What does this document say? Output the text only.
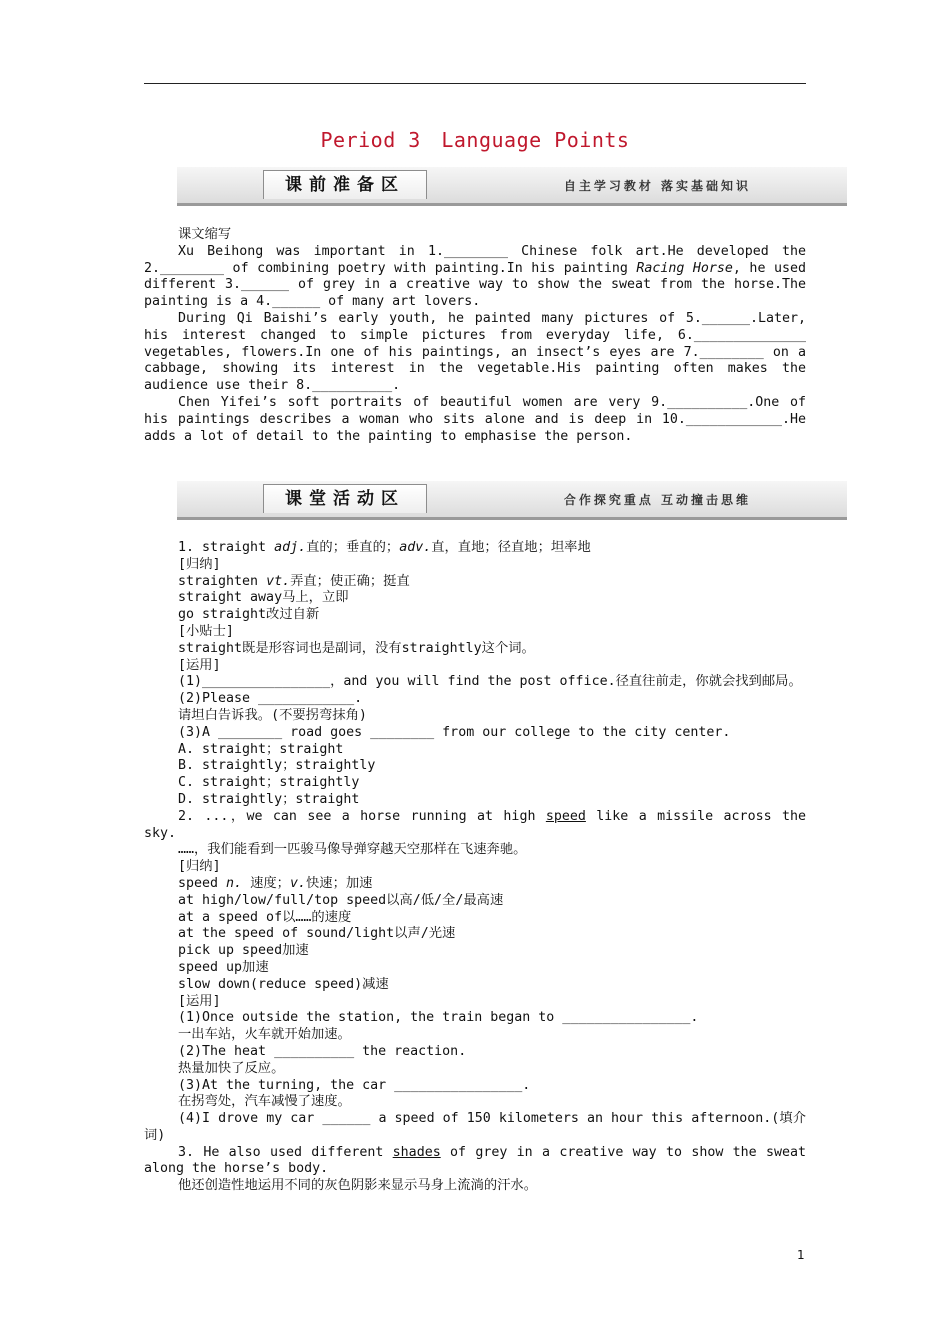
Period 3　Language Points
课前准备区	自主学习教材 落实基础知识

课文缩写

Xu Beihong was important in 1.________ Chinese folk art.He developed the 2.________ of combining poetry with painting.In his painting Racing Horse, he used different 3.______ of grey in a creative way to show the sweat from the horse.The painting is a 4.______ of many art lovers.

During Qi Baishi’s early youth, he painted many pictures of 5.______.Later, his interest changed to simple pictures from everyday life, 6.______________ vegetables, flowers.In one of his paintings, an insect’s eyes are 7.________ on a cabbage, showing its interest in the vegetable.His painting often makes the audience use their 8.__________.

Chen Yifei’s soft portraits of beautiful women are very 9.__________.One of his paintings describes a woman who sits alone and is deep in 10.____________.He adds a lot of detail to the painting to emphasise the person.

课堂活动区	合作探究重点 互动撞击思维

1. straight adj.直的；垂直的；adv.直，直地；径直地；坦率地

[归纳]

straighten vt.弄直；使正确；挺直

straight away马上，立即

go straight改过自新

[小贴士]

straight既是形容词也是副词，没有straightly这个词。

[运用]

(1)________________，and you will find the post office.径直往前走，你就会找到邮局。

(2)Please ____________.

请坦白告诉我。(不要拐弯抹角)

(3)A ________ road goes ________ from our college to the city center.

A. straight；straight

B. straightly；straightly

C. straight；straightly

D. straightly；straight

2. ...，we can see a horse running at high speed like a missile across the sky.

……，我们能看到一匹骏马像导弹穿越天空那样在飞速奔驰。

[归纳]

speed n. 速度；v.快速；加速

at high/low/full/top speed以高/低/全/最高速

at a speed of以……的速度

at the speed of sound/light以声/光速

pick up speed加速

speed up加速

slow down(reduce speed)减速

[运用]

(1)Once outside the station, the train began to ________________.

一出车站，火车就开始加速。

(2)The heat __________ the reaction.

热量加快了反应。

(3)At the turning, the car ________________.

在拐弯处，汽车减慢了速度。

(4)I drove my car ______ a speed of 150 kilometers an hour this afternoon.(填介词)

3. He also used different shades of grey in a creative way to show the sweat along the horse’s body.

他还创造性地运用不同的灰色阴影来显示马身上流淌的汗水。

1
